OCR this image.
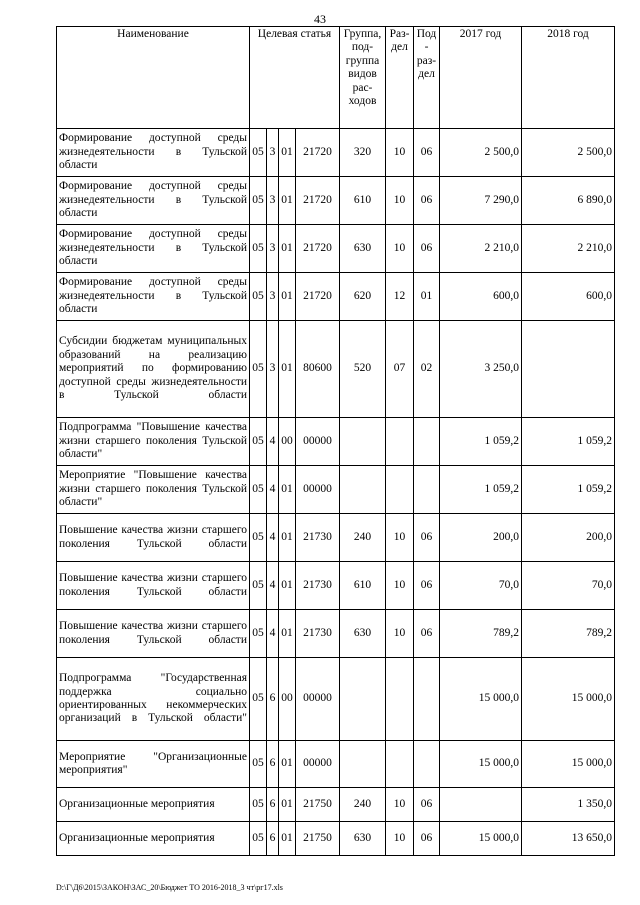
43
Наименование	Целевая статья				Группа, под- группа видов рас- ходов	Раз- дел	Под- раз- дел	2017 год	2018 год
Формирование доступной среды жизнедеятельности в Тульской области	05	3	01	21720	320	10	06	2 500,0	2 500,0
Формирование доступной среды жизнедеятельности в Тульской области	05	3	01	21720	610	10	06	7 290,0	6 890,0
Формирование доступной среды жизнедеятельности в Тульской области	05	3	01	21720	630	10	06	2 210,0	2 210,0
Формирование доступной среды жизнедеятельности в Тульской области	05	3	01	21720	620	12	01	600,0	600,0
Субсидии бюджетам муниципальных образований на реализацию мероприятий по формированию доступной среды жизнедеятельности в Тульской области	05	3	01	80600	520	07	02	3 250,0	
Подпрограмма "Повышение качества жизни старшего поколения Тульской области"	05	4	00	00000				1 059,2	1 059,2
Мероприятие "Повышение качества жизни старшего поколения Тульской области"	05	4	01	00000				1 059,2	1 059,2
Повышение качества жизни старшего поколения Тульской области	05	4	01	21730	240	10	06	200,0	200,0
Повышение качества жизни старшего поколения Тульской области	05	4	01	21730	610	10	06	70,0	70,0
Повышение качества жизни старшего поколения Тульской области	05	4	01	21730	630	10	06	789,2	789,2
Подпрограмма "Государственная поддержка социально ориентированных некоммерческих организаций в Тульской области"	05	6	00	00000				15 000,0	15 000,0
Мероприятие "Организационные мероприятия"	05	6	01	00000				15 000,0	15 000,0
Организационные мероприятия	05	6	01	21750	240	10	06		1 350,0
Организационные мероприятия	05	6	01	21750	630	10	06	15 000,0	13 650,0
D:\Г\Д6\2015\ЗАКОН\ЗАС_20\Бюджет ТО 2016-2018_3 чт\рг17.xls
